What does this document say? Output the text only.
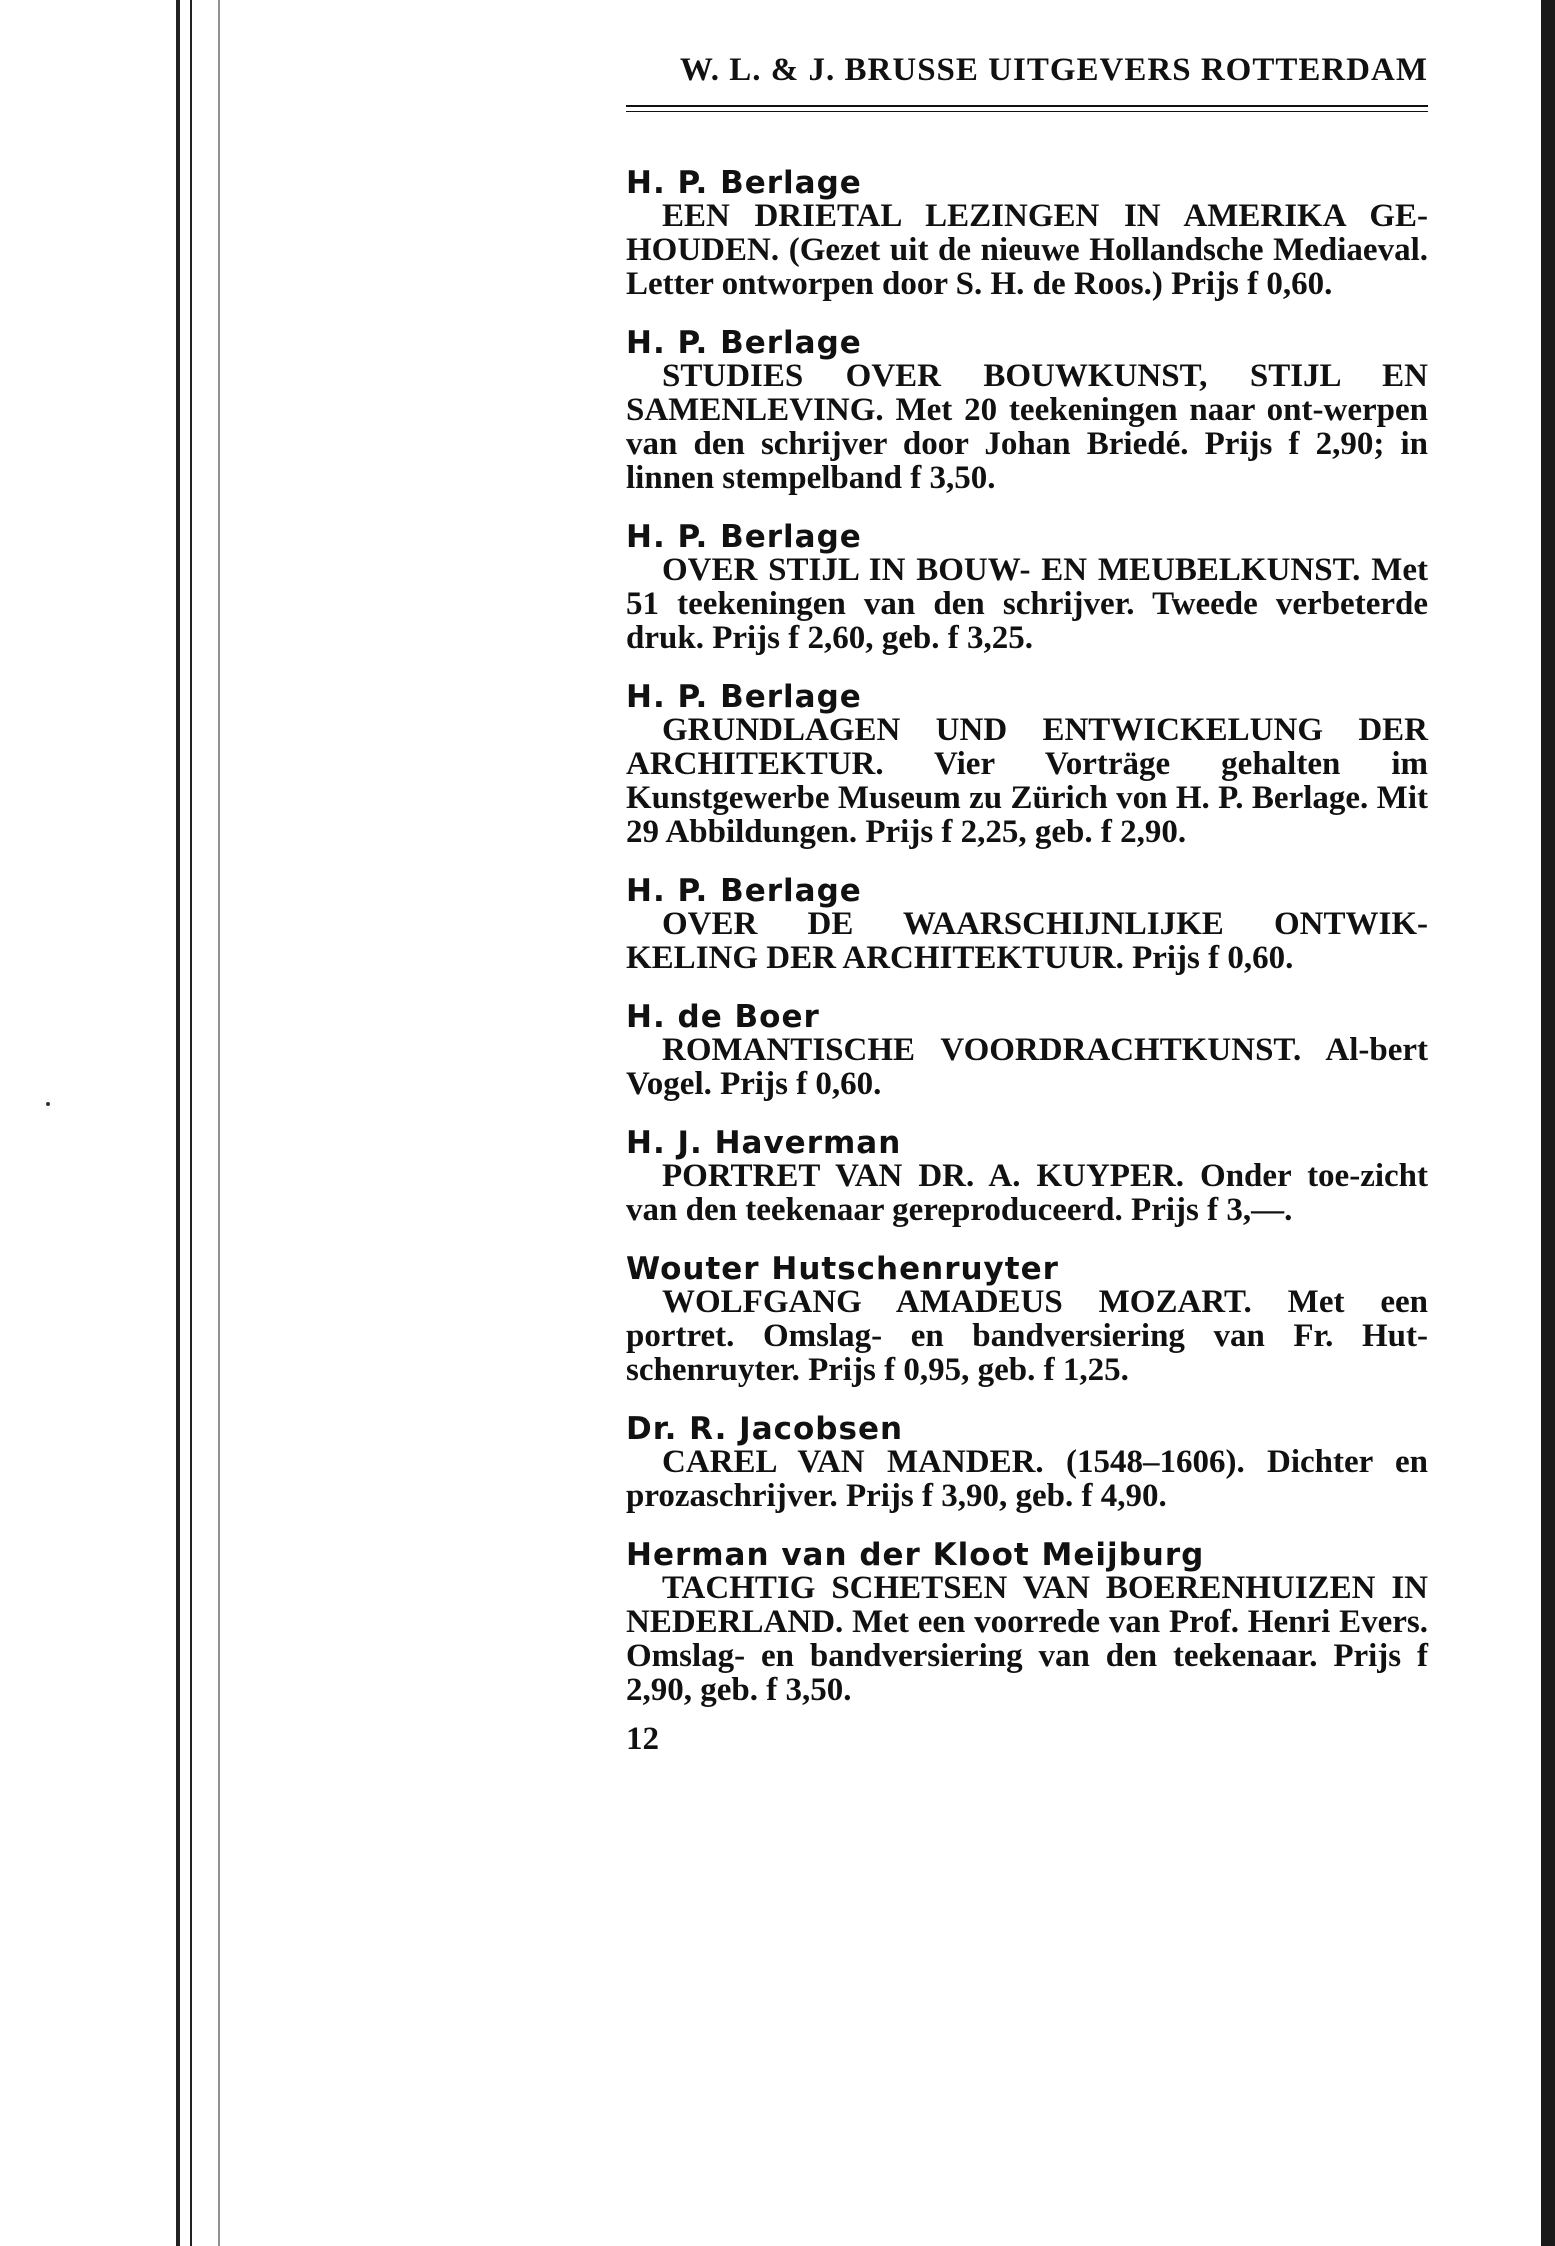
W. L. & J. BRUSSE UITGEVERS ROTTERDAM
H. P. Berlage
EEN DRIETAL LEZINGEN IN AMERIKA GE-HOUDEN. (Gezet uit de nieuwe Hollandsche Mediaeval. Letter ontworpen door S. H. de Roos.) Prijs f 0,60.
H. P. Berlage
STUDIES OVER BOUWKUNST, STIJL EN SAMENLEVING. Met 20 teekeningen naar ont-werpen van den schrijver door Johan Briedé. Prijs f 2,90; in linnen stempelband f 3,50.
H. P. Berlage
OVER STIJL IN BOUW- EN MEUBELKUNST. Met 51 teekeningen van den schrijver. Tweede verbeterde druk. Prijs f 2,60, geb. f 3,25.
H. P. Berlage
GRUNDLAGEN UND ENTWICKELUNG DER ARCHITEKTUR. Vier Vorträge gehalten im Kunstgewerbe Museum zu Zürich von H. P. Berlage. Mit 29 Abbildungen. Prijs f 2,25, geb. f 2,90.
H. P. Berlage
OVER DE WAARSCHIJNLIJKE ONTWIK-KELING DER ARCHITEKTUUR. Prijs f 0,60.
H. de Boer
ROMANTISCHE VOORDRACHTKUNST. Al-bert Vogel. Prijs f 0,60.
H. J. Haverman
PORTRET VAN DR. A. KUYPER. Onder toe-zicht van den teekenaar gereproduceerd. Prijs f 3,—.
Wouter Hutschenruyter
WOLFGANG AMADEUS MOZART. Met een portret. Omslag- en bandversiering van Fr. Hut-schenruyter. Prijs f 0,95, geb. f 1,25.
Dr. R. Jacobsen
CAREL VAN MANDER. (1548–1606). Dichter en prozaschrijver. Prijs f 3,90, geb. f 4,90.
Herman van der Kloot Meijburg
TACHTIG SCHETSEN VAN BOERENHUIZEN IN NEDERLAND. Met een voorrede van Prof. Henri Evers. Omslag- en bandversiering van den teekenaar. Prijs f 2,90, geb. f 3,50.
12
